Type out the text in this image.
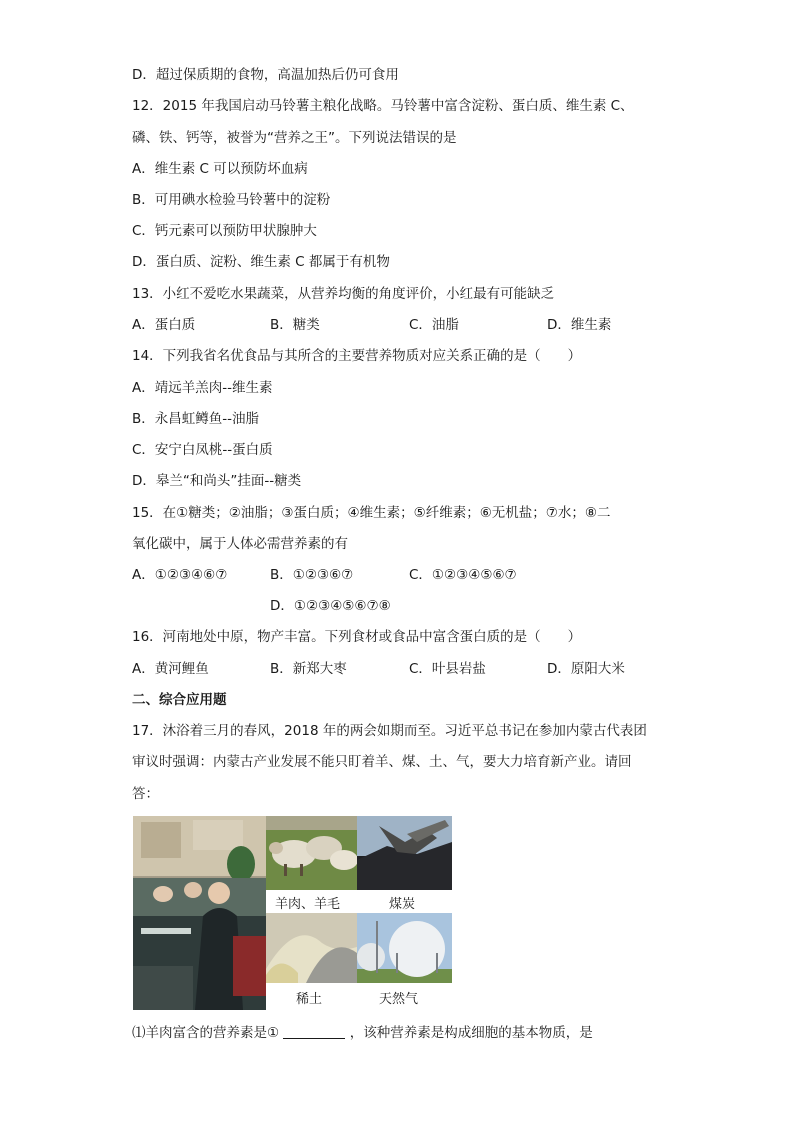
D．超过保质期的食物，高温加热后仍可食用
12．2015 年我国启动马铃薯主粮化战略。马铃薯中富含淀粉、蛋白质、维生素 C、
磷、铁、钙等，被誉为“营养之王”。下列说法错误的是
A．维生素 C 可以预防坏血病
B．可用碘水检验马铃薯中的淀粉
C．钙元素可以预防甲状腺肿大
D．蛋白质、淀粉、维生素 C 都属于有机物
13．小红不爱吃水果蔬菜，从营养均衡的角度评价，小红最有可能缺乏
A．蛋白质	B．糖类	C．油脂	D．维生素
14．下列我省名优食品与其所含的主要营养物质对应关系正确的是（　　）
A．靖远羊羔肉--维生素
B．永昌虹鳟鱼--油脂
C．安宁白凤桃--蛋白质
D．皋兰“和尚头”挂面--糖类
15．在①糖类；②油脂；③蛋白质；④维生素；⑤纤维素；⑥无机盐；⑦水；⑧二
氧化碳中，属于人体必需营养素的有
A．①②③④⑥⑦	B．①②③⑥⑦	C．①②③④⑤⑥⑦
D．①②③④⑤⑥⑦⑧
16．河南地处中原，物产丰富。下列食材或食品中富含蛋白质的是（　　）
A．黄河鲤鱼	B．新郑大枣	C．叶县岩盐	D．原阳大米
二、综合应用题
17．沐浴着三月的春风，2018 年的两会如期而至。习近平总书记在参加内蒙古代表团
审议时强调：内蒙古产业发展不能只盯着羊、煤、土、气，要大力培育新产业。请回
答：
羊肉、羊毛	煤炭
稀土	天然气
⑴羊肉富含的营养素是①	，该种营养素是构成细胞的基本物质，是
